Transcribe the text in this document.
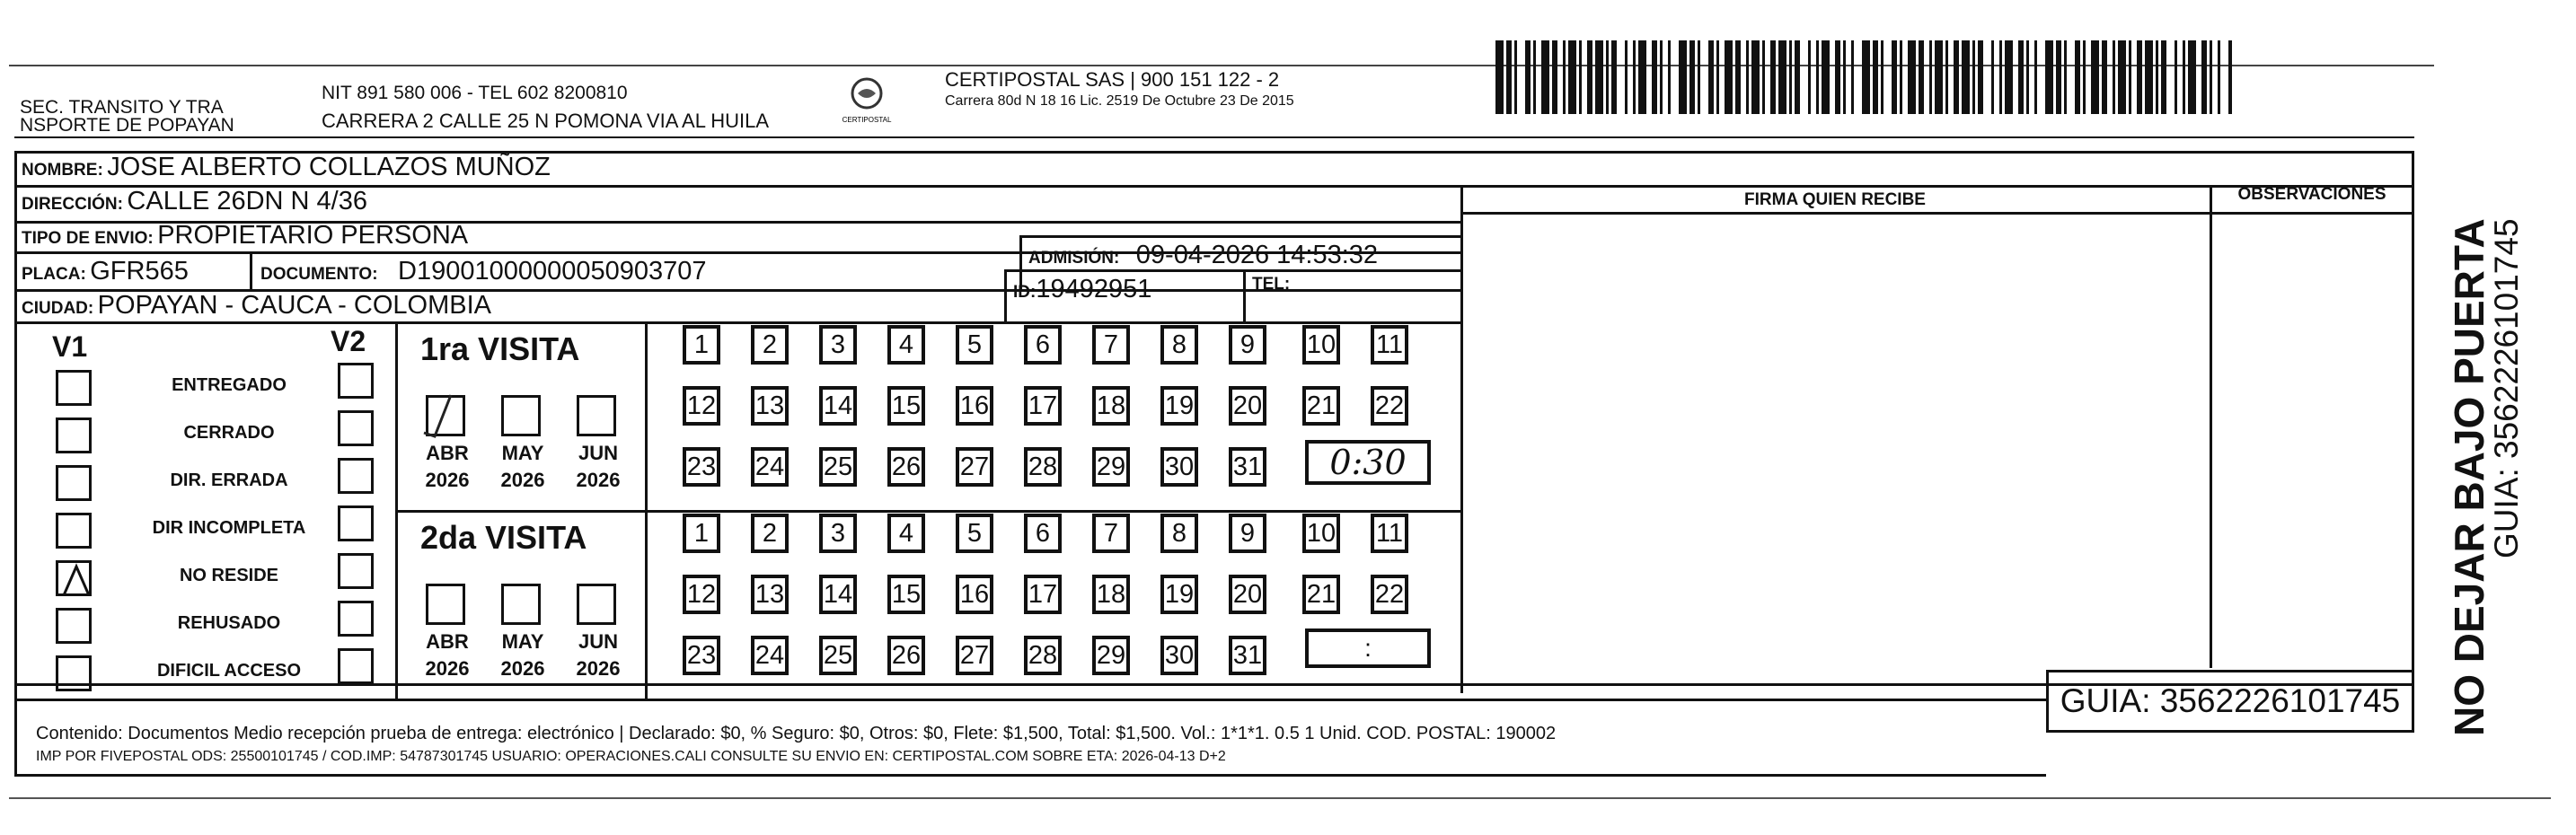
SEC. TRANSITO Y TRA
NSPORTE DE POPAYAN
NIT 891 580 006 - TEL 602 8200810
CARRERA 2 CALLE 25 N POMONA VIA AL HUILA	CERTIPOSTAL
CERTIPOSTAL SAS | 900 151 122 - 2
Carrera 80d N 18 16 Lic. 2519 De Octubre 23 De 2015
NOMBRE: JOSE ALBERTO COLLAZOS MUÑOZ
DIRECCIÓN: CALLE 26DN N 4/36
TIPO DE ENVIO: PROPIETARIO PERSONA
PLACA: GFR565	DOCUMENTO: D19001000000050903707	ADMISIÓN: 09-04-2026 14:53:32
CIUDAD: POPAYAN - CAUCA - COLOMBIA	ID:19492951	TEL:
FIRMA QUIEN RECIBE	OBSERVACIONES
V1	V2
ENTREGADO
CERRADO
DIR. ERRADA
DIR INCOMPLETA
NO RESIDE
REHUSADO
DIFICIL ACCESO
1ra VISITA
2da VISITA
1	2	3	4	5	6	7	8	9	10 11
12 13 14 15 16 17 18 19 20 21 22
23 24 25 26 27 28 29 30 31
ABR
2026
MAY
2026
JUN
2026
1	2	3	4	5	6	7	8	9	10 11
12 13 14 15 16 17 18 19 20 21 22
23 24 25 26 27 28 29 30 31
ABR
2026
MAY
2026
JUN
2026
0:30
:
Contenido: Documentos Medio recepción prueba de entrega: electrónico | Declarado: $0, % Seguro: $0, Otros: $0, Flete: $1,500, Total: $1,500. Vol.: 1*1*1. 0.5 1 Unid. COD. POSTAL: 190002
IMP POR FIVEPOSTAL ODS: 25500101745 / COD.IMP: 54787301745 USUARIO: OPERACIONES.CALI CONSULTE SU ENVIO EN: CERTIPOSTAL.COM SOBRE ETA: 2026-04-13 D+2
GUIA: 3562226101745	NO DEJAR BAJO PUERTA
GUIA: 3562226101745
